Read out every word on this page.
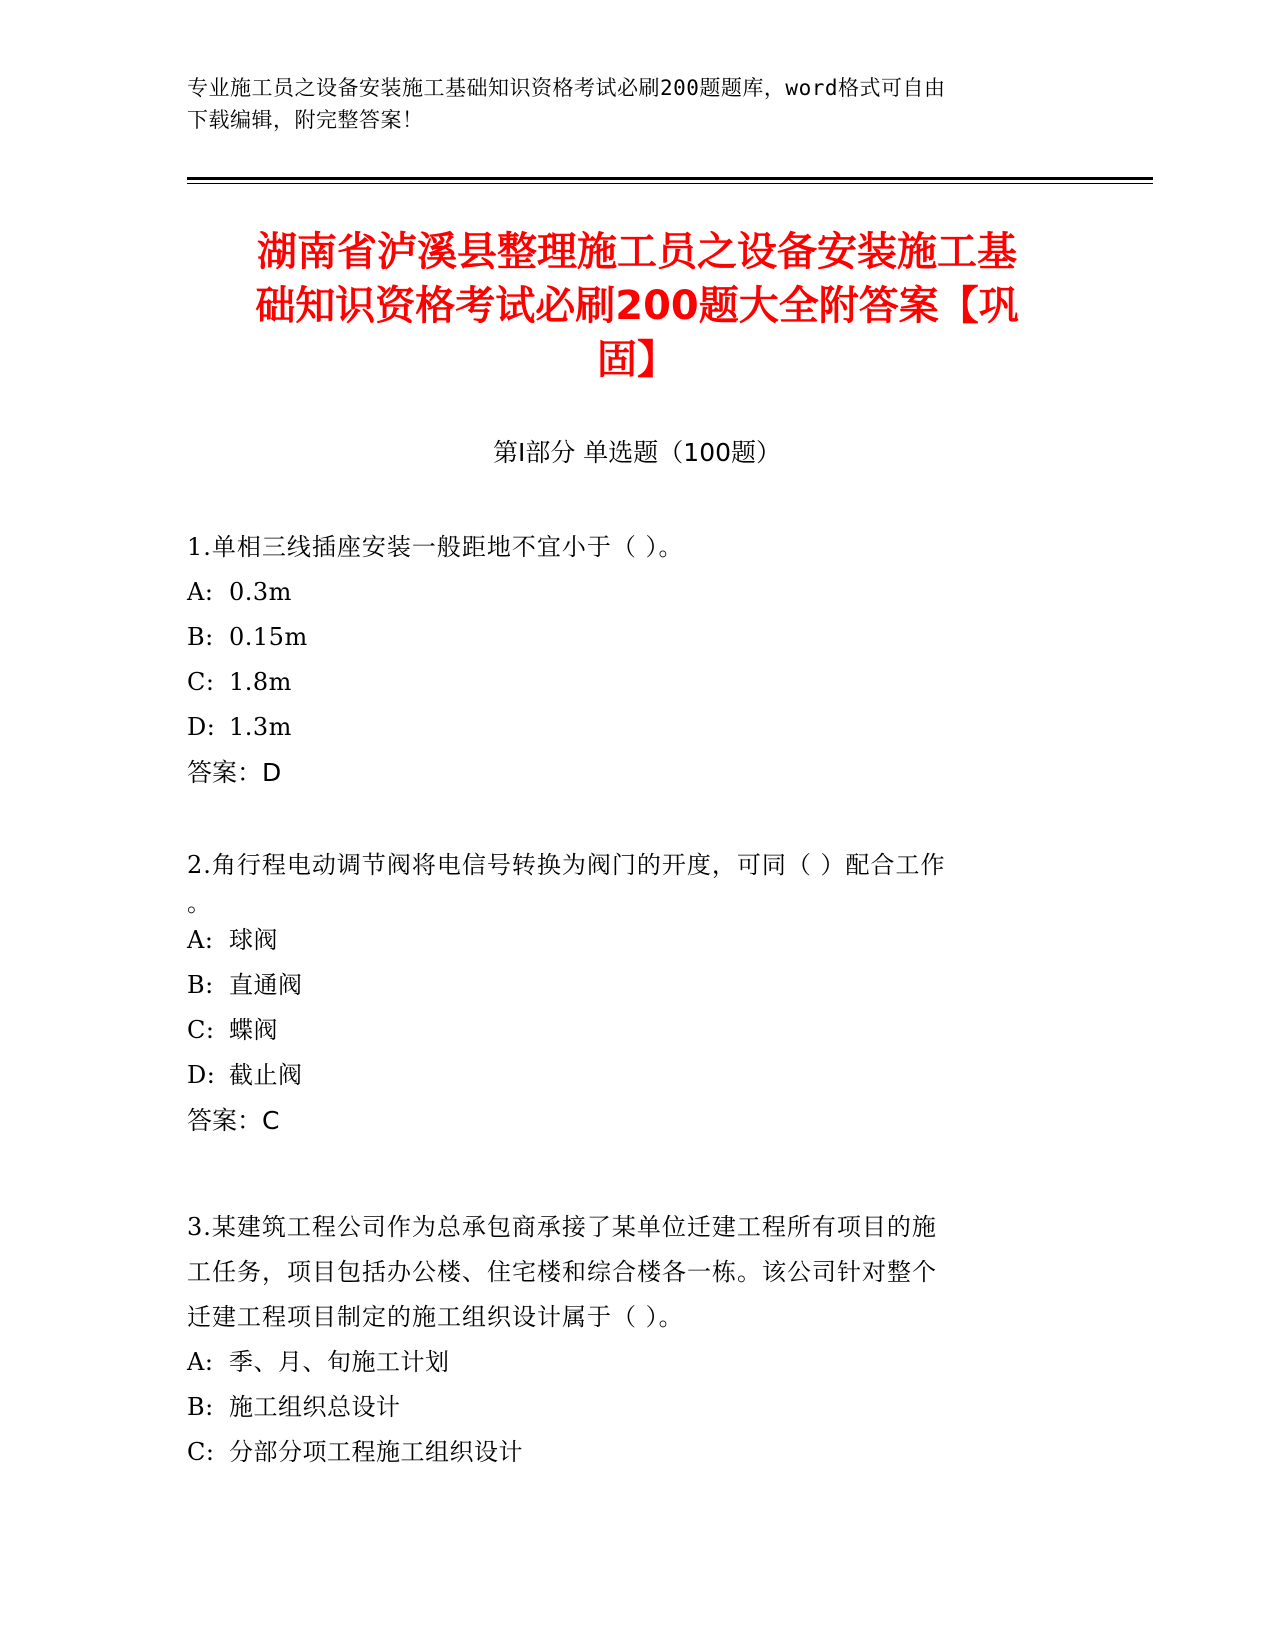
专业施工员之设备安装施工基础知识资格考试必刷200题题库，word格式可自由
下载编辑，附完整答案！
湖南省泸溪县整理施工员之设备安装施工基
础知识资格考试必刷200题大全附答案【巩
固】
第Ⅰ部分 单选题（100题）
1.单相三线插座安装一般距地不宜小于（ ）。
A: 0.3m
B: 0.15m
C: 1.8m
D: 1.3m
答案：D
2.角行程电动调节阀将电信号转换为阀门的开度，可同（ ）配合工作
。
A: 球阀
B: 直通阀
C: 蝶阀
D: 截止阀
答案：C
3.某建筑工程公司作为总承包商承接了某单位迁建工程所有项目的施
工任务，项目包括办公楼、住宅楼和综合楼各一栋。该公司针对整个
迁建工程项目制定的施工组织设计属于（ ）。
A: 季、月、旬施工计划
B: 施工组织总设计
C: 分部分项工程施工组织设计
